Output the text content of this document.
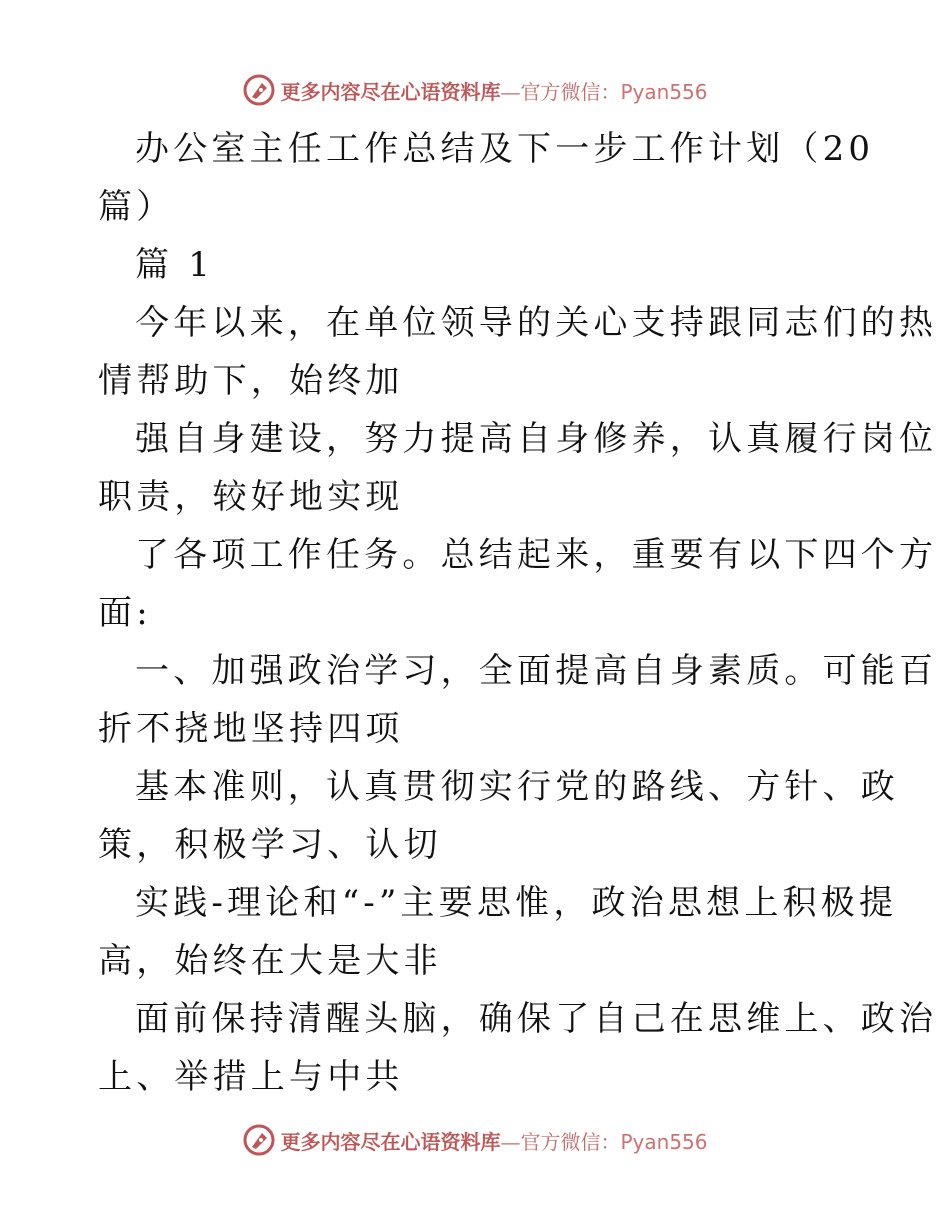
更多内容尽在心语资料库—官方微信：Pyan556
办公室主任工作总结及下一步工作计划（20
篇）
篇 1
今年以来，在单位领导的关心支持跟同志们的热
情帮助下，始终加
强自身建设，努力提高自身修养，认真履行岗位
职责，较好地实现
了各项工作任务。总结起来，重要有以下四个方
面:
一、加强政治学习，全面提高自身素质。可能百
折不挠地坚持四项
基本准则，认真贯彻实行党的路线、方针、政
策，积极学习、认切
实践-理论和“-”主要思惟，政治思想上积极提
高，始终在大是大非
面前保持清醒头脑，确保了自己在思维上、政治
上、举措上与中共
更多内容尽在心语资料库—官方微信：Pyan556
